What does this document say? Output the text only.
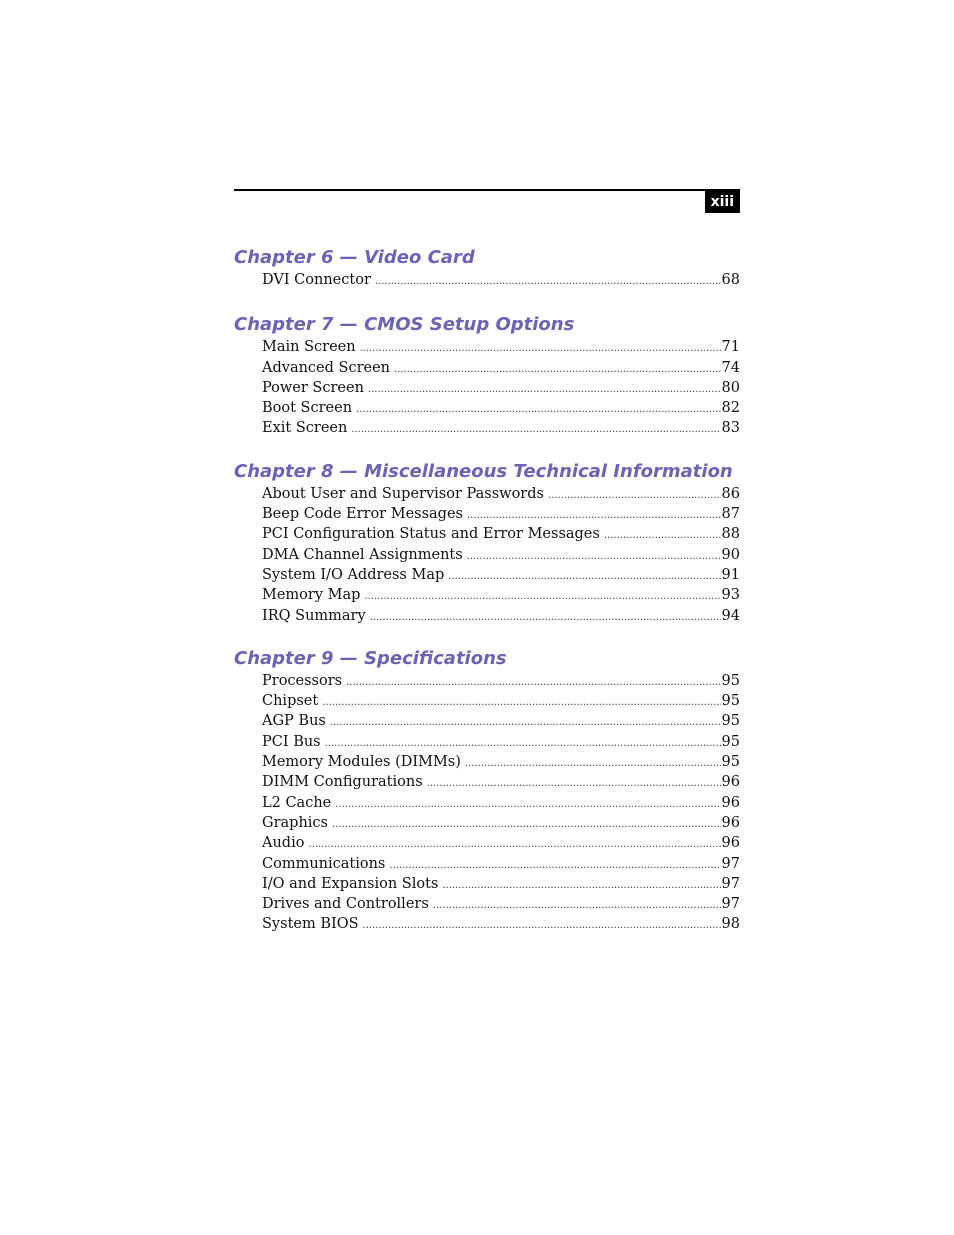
xiii
Chapter 6 — Video Card
DVI Connector .....	68
Chapter 7 — CMOS Setup Options
Main Screen .....	71
Advanced Screen .....	74
Power Screen .....	80
Boot Screen .....	82
Exit Screen .....	83
Chapter 8 — Miscellaneous Technical Information
About User and Supervisor Passwords .....	86
Beep Code Error Messages .....	87
PCI Configuration Status and Error Messages .....	88
DMA Channel Assignments .....	90
System I/O Address Map .....	91
Memory Map .....	93
IRQ Summary .....	94
Chapter 9 — Specifications
Processors .....	95
Chipset .....	95
AGP Bus .....	95
PCI Bus .....	95
Memory Modules (DIMMs) .....	95
DIMM Configurations .....	96
L2 Cache .....	96
Graphics .....	96
Audio .....	96
Communications .....	97
I/O and Expansion Slots .....	97
Drives and Controllers .....	97
System BIOS .....	98
